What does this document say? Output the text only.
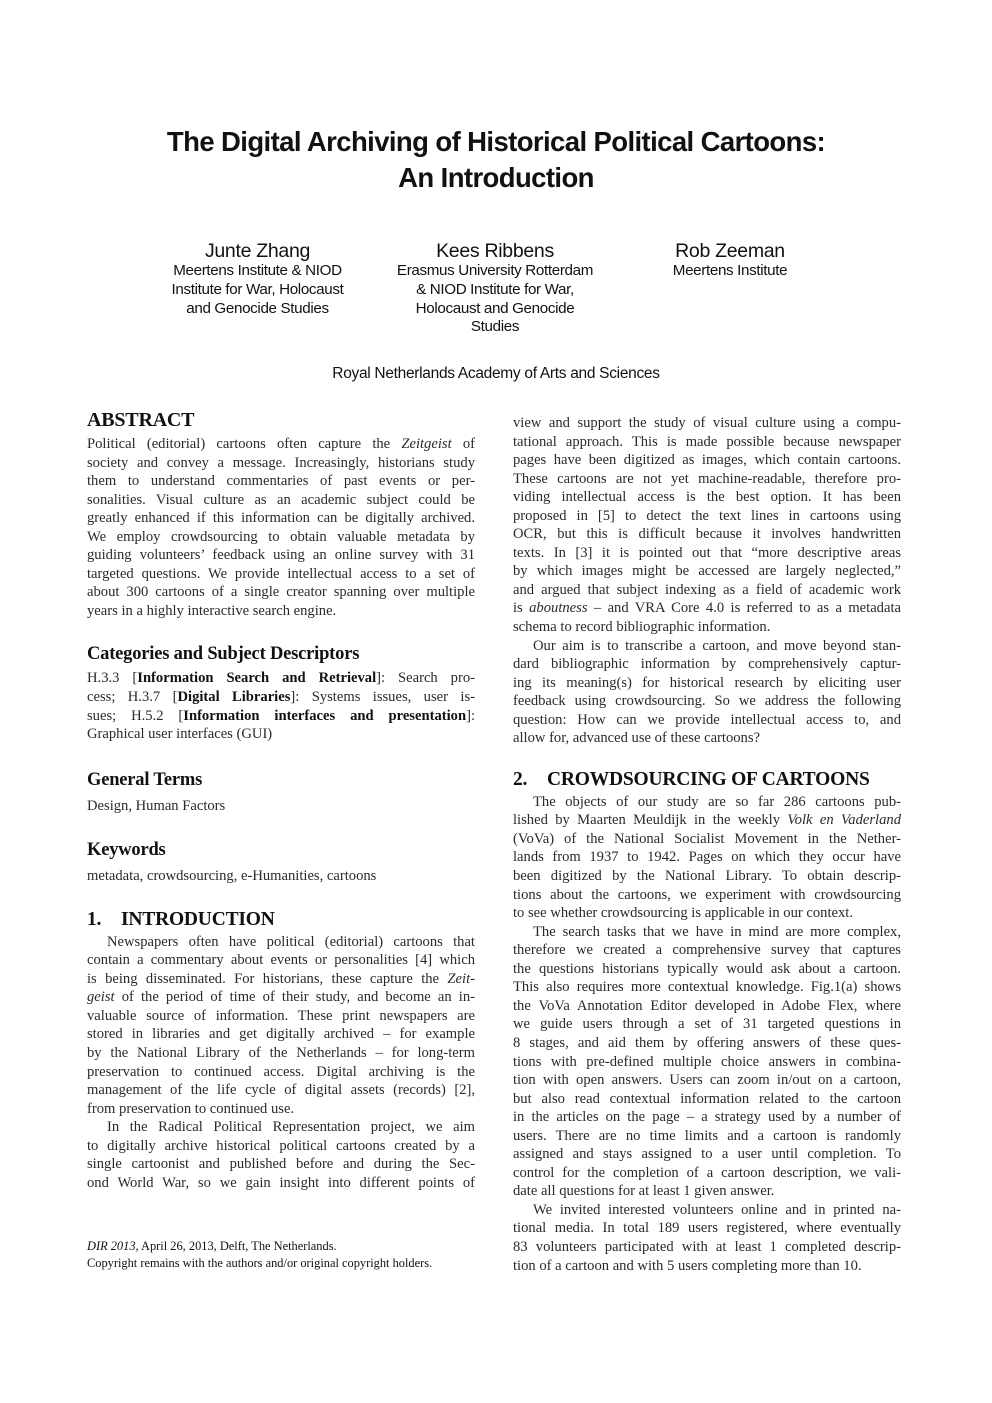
The Digital Archiving of Historical Political Cartoons:
An Introduction
Junte Zhang
Meertens Institute & NIOD
Institute for War, Holocaust
and Genocide Studies
Kees Ribbens
Erasmus University Rotterdam
& NIOD Institute for War,
Holocaust and Genocide
Studies
Rob Zeeman
Meertens Institute
Royal Netherlands Academy of Arts and Sciences
ABSTRACT
Political (editorial) cartoons often capture the Zeitgeist of
society and convey a message. Increasingly, historians study
them to understand commentaries of past events or per-
sonalities. Visual culture as an academic subject could be
greatly enhanced if this information can be digitally archived.
We employ crowdsourcing to obtain valuable metadata by
guiding volunteers’ feedback using an online survey with 31
targeted questions. We provide intellectual access to a set of
about 300 cartoons of a single creator spanning over multiple
years in a highly interactive search engine.
Categories and Subject Descriptors
H.3.3 [Information Search and Retrieval]: Search pro-
cess; H.3.7 [Digital Libraries]: Systems issues, user is-
sues; H.5.2 [Information interfaces and presentation]:
Graphical user interfaces (GUI)
General Terms
Design, Human Factors
Keywords
metadata, crowdsourcing, e-Humanities, cartoons
1. INTRODUCTION
Newspapers often have political (editorial) cartoons that
contain a commentary about events or personalities [4] which
is being disseminated. For historians, these capture the Zeit-
geist of the period of time of their study, and become an in-
valuable source of information. These print newspapers are
stored in libraries and get digitally archived – for example
by the National Library of the Netherlands – for long-term
preservation to continued access. Digital archiving is the
management of the life cycle of digital assets (records) [2],
from preservation to continued use.
In the Radical Political Representation project, we aim
to digitally archive historical political cartoons created by a
single cartoonist and published before and during the Sec-
ond World War, so we gain insight into different points of
DIR 2013, April 26, 2013, Delft, The Netherlands.
Copyright remains with the authors and/or original copyright holders.
view and support the study of visual culture using a compu-
tational approach. This is made possible because newspaper
pages have been digitized as images, which contain cartoons.
These cartoons are not yet machine-readable, therefore pro-
viding intellectual access is the best option. It has been
proposed in [5] to detect the text lines in cartoons using
OCR, but this is difficult because it involves handwritten
texts. In [3] it is pointed out that “more descriptive areas
by which images might be accessed are largely neglected,”
and argued that subject indexing as a field of academic work
is aboutness – and VRA Core 4.0 is referred to as a metadata
schema to record bibliographic information.
Our aim is to transcribe a cartoon, and move beyond stan-
dard bibliographic information by comprehensively captur-
ing its meaning(s) for historical research by eliciting user
feedback using crowdsourcing. So we address the following
question: How can we provide intellectual access to, and
allow for, advanced use of these cartoons?
2. CROWDSOURCING OF CARTOONS
The objects of our study are so far 286 cartoons pub-
lished by Maarten Meuldijk in the weekly Volk en Vaderland
(VoVa) of the National Socialist Movement in the Nether-
lands from 1937 to 1942. Pages on which they occur have
been digitized by the National Library. To obtain descrip-
tions about the cartoons, we experiment with crowdsourcing
to see whether crowdsourcing is applicable in our context.
The search tasks that we have in mind are more complex,
therefore we created a comprehensive survey that captures
the questions historians typically would ask about a cartoon.
This also requires more contextual knowledge. Fig.1(a) shows
the VoVa Annotation Editor developed in Adobe Flex, where
we guide users through a set of 31 targeted questions in
8 stages, and aid them by offering answers of these ques-
tions with pre-defined multiple choice answers in combina-
tion with open answers. Users can zoom in/out on a cartoon,
but also read contextual information related to the cartoon
in the articles on the page – a strategy used by a number of
users. There are no time limits and a cartoon is randomly
assigned and stays assigned to a user until completion. To
control for the completion of a cartoon description, we vali-
date all questions for at least 1 given answer.
We invited interested volunteers online and in printed na-
tional media. In total 189 users registered, where eventually
83 volunteers participated with at least 1 completed descrip-
tion of a cartoon and with 5 users completing more than 10.
